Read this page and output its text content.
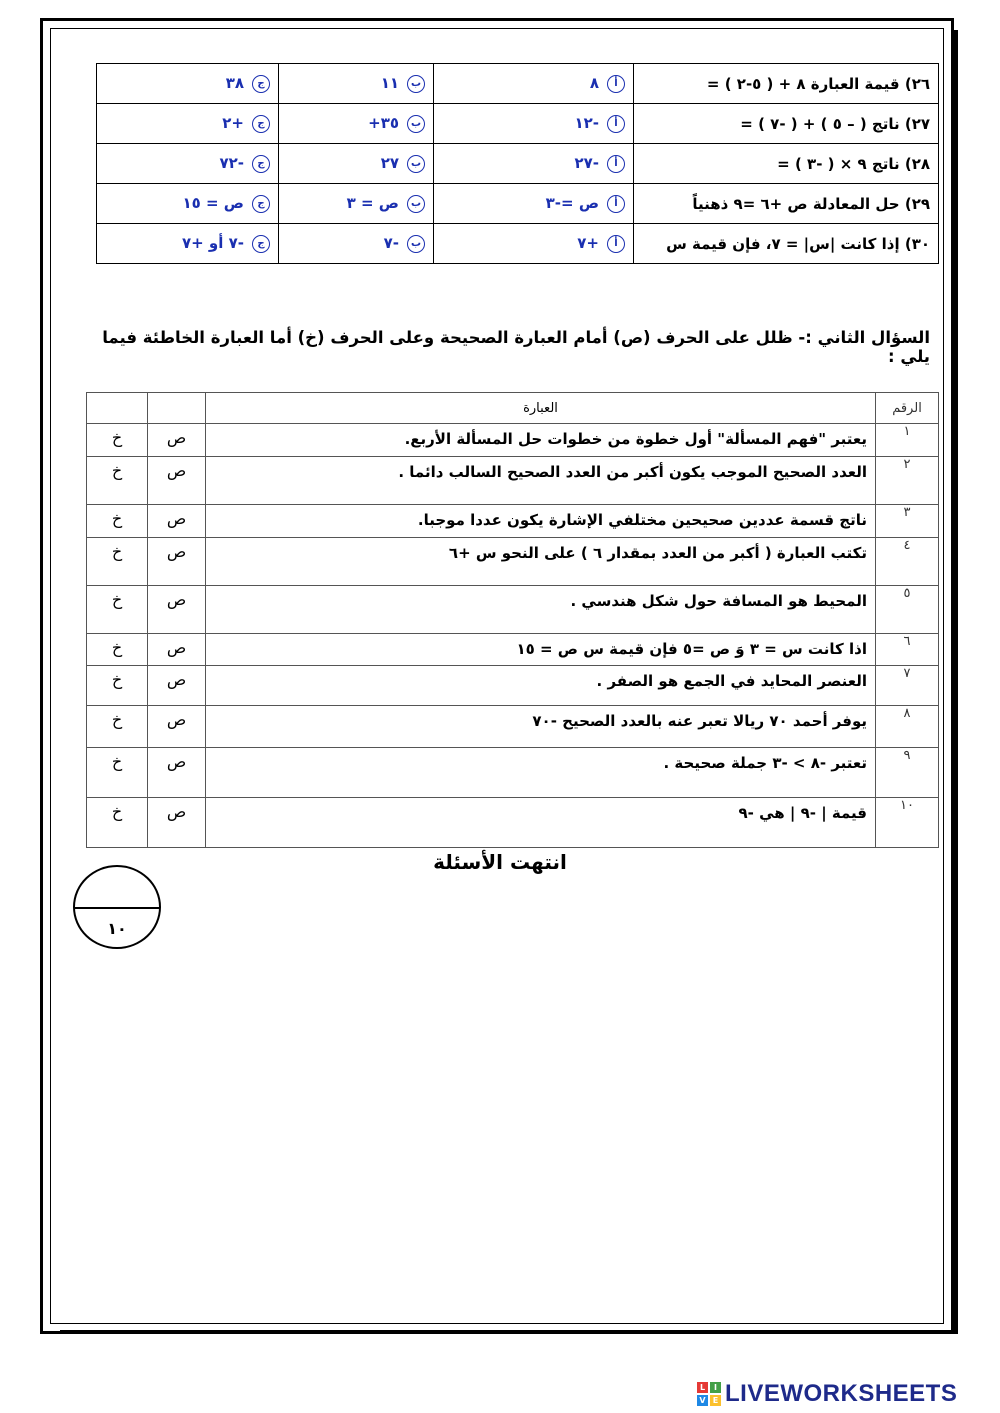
٢٦) قيمة العبارة ٨ + ( ٥-٢ ) =	أ٨	ب١١	ج٣٨
٢٧) ناتج ( – ٥ ) + ( -٧ ) =	أ-١٢	ب٣٥+	ج+٢
٢٨) ناتج ٩ × ( -٣ ) =	أ-٢٧	ب٢٧	ج-٧٢
٢٩) حل المعادلة ص +٦ =٩ ذهنياً	أص =-٣	بص = ٣	جص = ١٥
٣٠) إذا كانت |س| = ٧، فإن قيمة س	أ+٧	ب-٧	ج-٧ أو +٧
السؤال الثاني :- ظلل على الحرف (ص) أمام العبارة الصحيحة وعلى الحرف (خ) أما العبارة الخاطئة فيما يلي :
الرقم	العبارة		
١	يعتبر "فهم المسألة" أول خطوة من خطوات حل المسألة الأربع.	ص	خ
٢	العدد الصحيح الموجب يكون أكبر من العدد الصحيح السالب دائما .	ص	خ
٣	ناتج قسمة عددين صحيحين مختلفي الإشارة يكون عددا موجبا.	ص	خ
٤	تكتب العبارة ( أكبر من العدد بمقدار ٦ ) على النحو س +٦	ص	خ
٥	المحيط هو المسافة حول شكل هندسي .	ص	خ
٦	اذا كانت س = ٣ وَ ص =٥ فإن قيمة س ص = ١٥	ص	خ
٧	العنصر المحايد في الجمع هو الصفر .	ص	خ
٨	يوفر أحمد ٧٠ ريالا تعبر عنه بالعدد الصحيح -٧٠	ص	خ
٩	تعتبر -٨ > -٣ جملة صحيحة .	ص	خ
١٠	قيمة | -٩ | هي -٩	ص	خ
انتهت الأسئلة
١٠
L	I
V E LIVEWORKSHEETS
